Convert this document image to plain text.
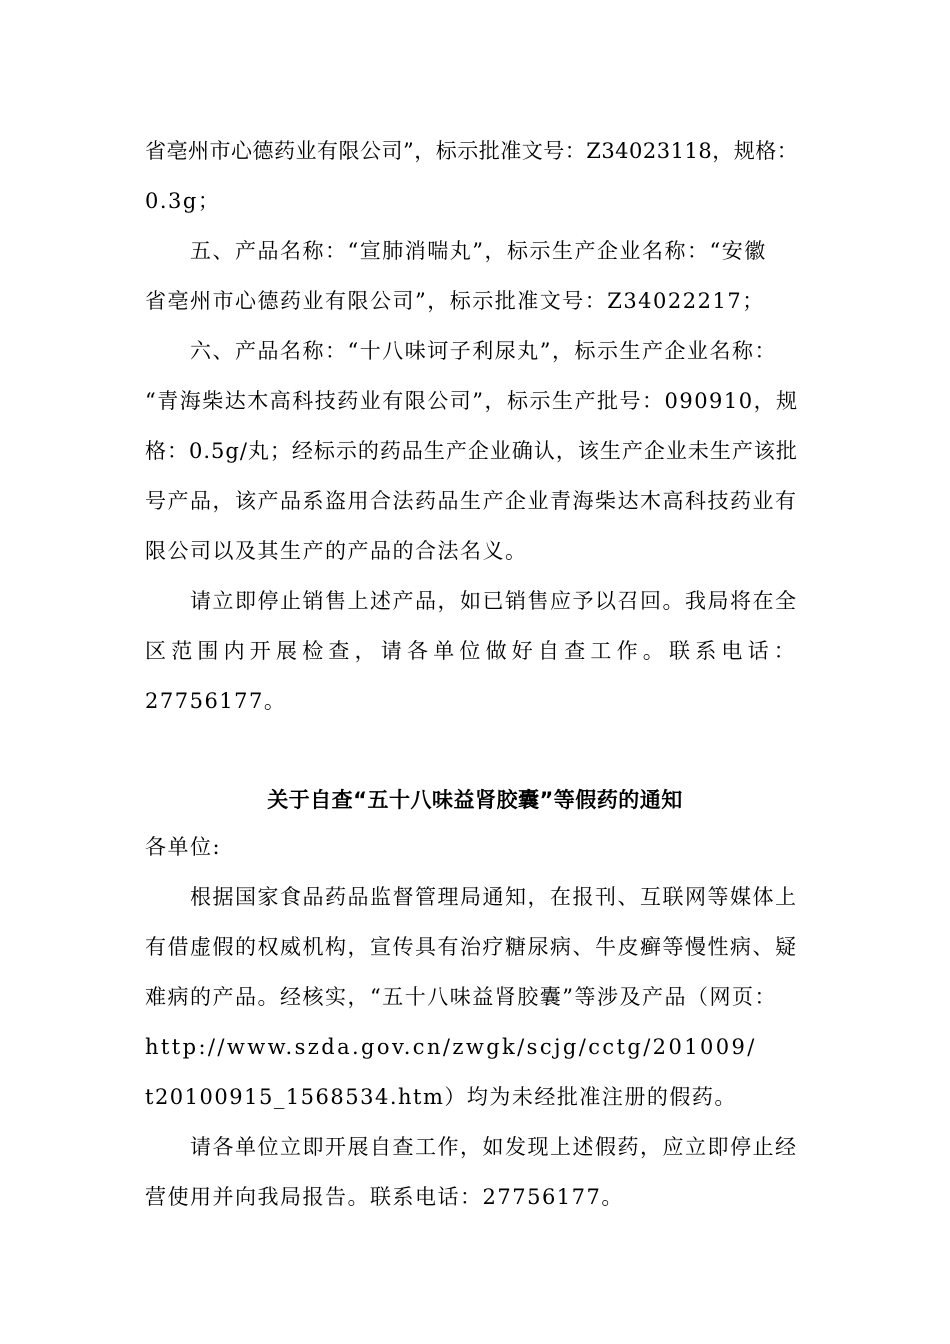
省亳州市心德药业有限公司”，标示批准文号：Z34023118，规格：
0.3g；
五、产品名称：“宣肺消喘丸”，标示生产企业名称：“安徽
省亳州市心德药业有限公司”，标示批准文号：Z34022217；
六、产品名称：“十八味诃子利尿丸”，标示生产企业名称：
“青海柴达木高科技药业有限公司”，标示生产批号：090910，规
格：0.5g/丸；经标示的药品生产企业确认，该生产企业未生产该批
号产品，该产品系盗用合法药品生产企业青海柴达木高科技药业有
限公司以及其生产的产品的合法名义。
请立即停止销售上述产品，如已销售应予以召回。我局将在全
区范围内开展检查，请各单位做好自查工作。联系电话：
27756177。
关于自查“五十八味益肾胶囊”等假药的通知
各单位:
根据国家食品药品监督管理局通知，在报刊、互联网等媒体上
有借虚假的权威机构，宣传具有治疗糖尿病、牛皮癣等慢性病、疑
难病的产品。经核实，“五十八味益肾胶囊”等涉及产品（网页：
http://www.szda.gov.cn/zwgk/scjg/cctg/201009/
t20100915_1568534.htm）均为未经批准注册的假药。
请各单位立即开展自查工作，如发现上述假药，应立即停止经
营使用并向我局报告。联系电话：27756177。
